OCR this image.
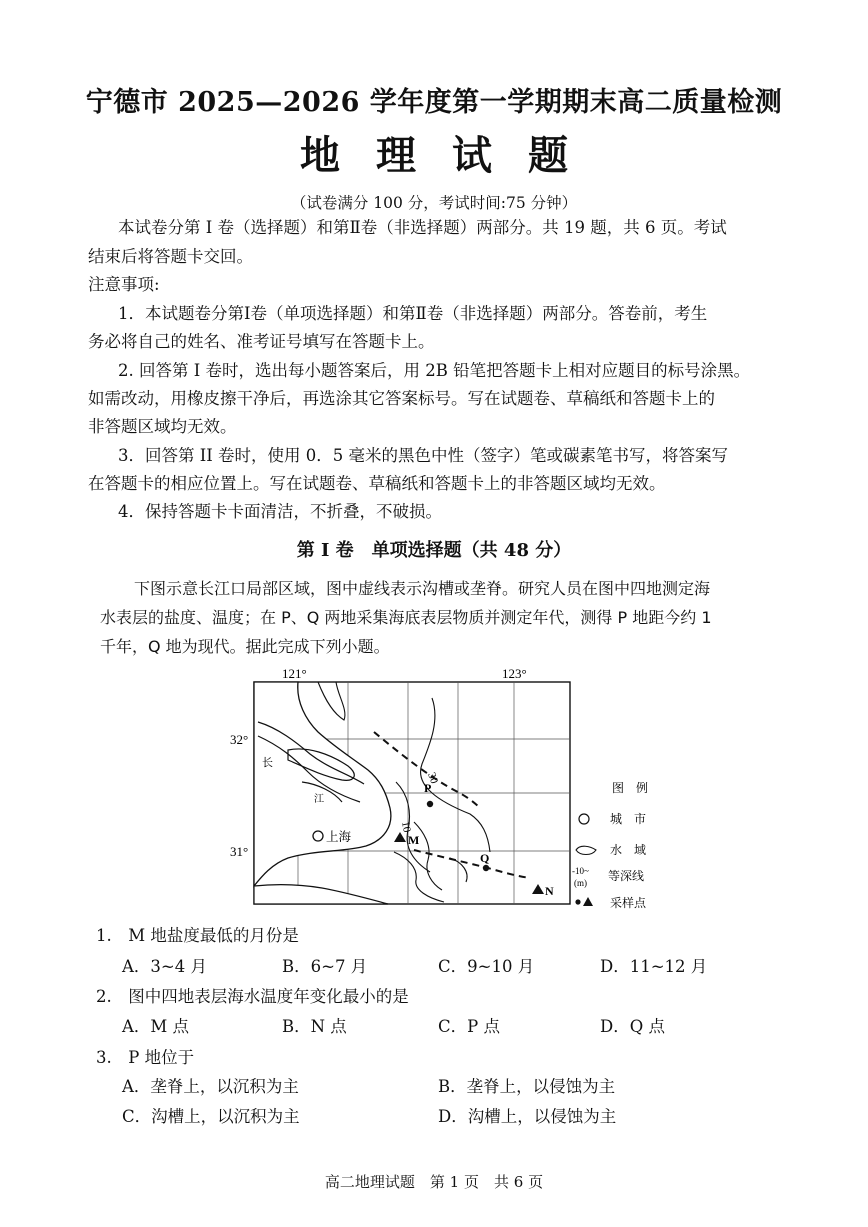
宁德市 2025—2026 学年度第一学期期末高二质量检测
地理试题
（试卷满分 100 分，考试时间:75 分钟）
本试卷分第 I 卷（选择题）和第Ⅱ卷（非选择题）两部分。共 19 题，共 6 页。考试
结束后将答题卡交回。
注意事项:
1．本试题卷分第Ⅰ卷（单项选择题）和第Ⅱ卷（非选择题）两部分。答卷前，考生
务必将自己的姓名、准考证号填写在答题卡上。
2. 回答第 I 卷时，选出每小题答案后，用 2B 铅笔把答题卡上相对应题目的标号涂黑。
如需改动，用橡皮擦干净后，再选涂其它答案标号。写在试题卷、草稿纸和答题卡上的
非答题区域均无效。
3．回答第 II 卷时，使用 0．5 毫米的黑色中性（签字）笔或碳素笔书写，将答案写
在答题卡的相应位置上。写在试题卷、草稿纸和答题卡上的非答题区域均无效。
4．保持答题卡卡面清洁，不折叠，不破损。
第 I 卷　单项选择题（共 48 分）
下图示意长江口局部区域，图中虚线表示沟槽或垄脊。研究人员在图中四地测定海
水表层的盐度、温度；在 P、Q 两地采集海底表层物质并测定年代，测得 P 地距今约 1
千年，Q 地为现代。据此完成下列小题。
121°	123°
32°
31°
长
江
30
10
上海
P
Q
M
N
图　例
城　市
水　域
-10~
(m) 等深线
采样点
1.　M 地盐度最低的月份是
A．3~4 月	B．6~7 月	C．9~10 月	D．11~12 月
2.　图中四地表层海水温度年变化最小的是
A．M 点	B．N 点	C．P 点	D．Q 点
3.　P 地位于
A．垄脊上，以沉积为主	B．垄脊上，以侵蚀为主
C．沟槽上，以沉积为主	D．沟槽上，以侵蚀为主
高二地理试题　第 1 页　共 6 页
